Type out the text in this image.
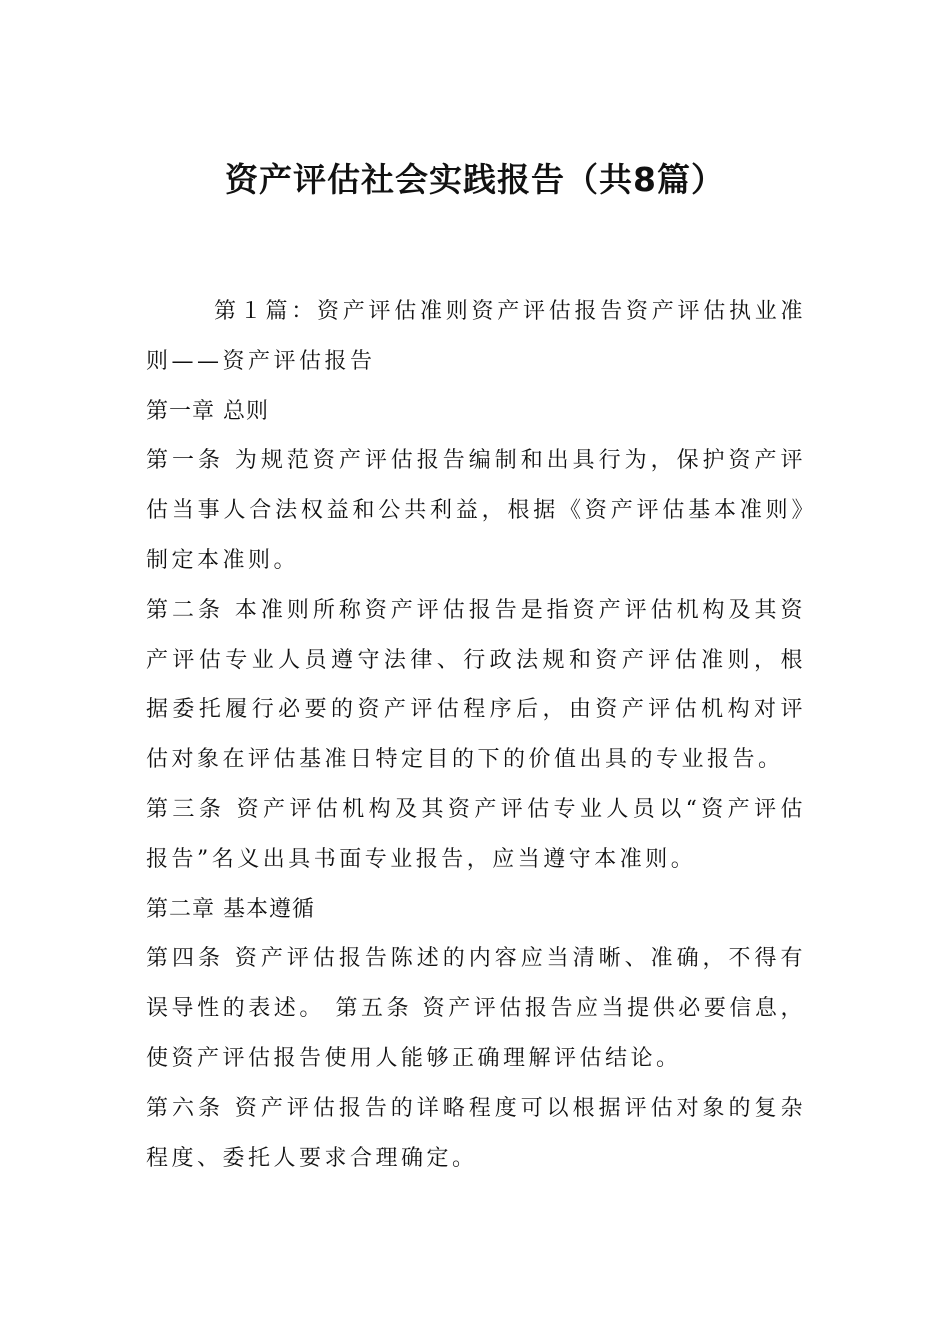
资产评估社会实践报告（共8篇）

第１篇：资产评估准则资产评估报告资产评估执业准则——资产评估报告

第一章 总则

第一条 为规范资产评估报告编制和出具行为，保护资产评估当事人合法权益和公共利益，根据《资产评估基本准则》制定本准则。

第二条 本准则所称资产评估报告是指资产评估机构及其资产评估专业人员遵守法律、行政法规和资产评估准则，根据委托履行必要的资产评估程序后，由资产评估机构对评估对象在评估基准日特定目的下的价值出具的专业报告。

第三条 资产评估机构及其资产评估专业人员以“资产评估报告”名义出具书面专业报告，应当遵守本准则。

第二章 基本遵循

第四条 资产评估报告陈述的内容应当清晰、准确，不得有误导性的表述。 第五条 资产评估报告应当提供必要信息，使资产评估报告使用人能够正确理解评估结论。

第六条 资产评估报告的详略程度可以根据评估对象的复杂程度、委托人要求合理确定。
